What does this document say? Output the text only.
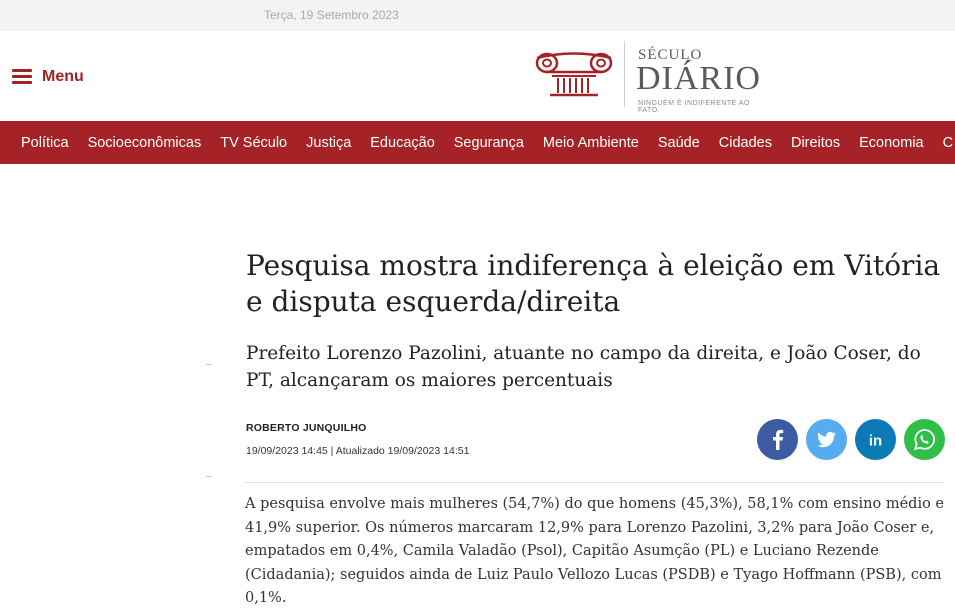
Terça, 19 Setembro 2023
Menu
SÉCULO
DIÁRIO
NINGUÉM É INDIFERENTE AO FATO.
Política Socioeconômicas TV Século Justiça Educação Segurança Meio Ambiente Saúde Cidades Direitos Economia C
Pesquisa mostra indiferença à eleição em Vitória e disputa esquerda/direita

Prefeito Lorenzo Pazolini, atuante no campo da direita, e João Coser, do PT, alcançaram os maiores percentuais

ROBERTO JUNQUILHO
19/09/2023 14:45 | Atualizado 19/09/2023 14:51
in

A pesquisa envolve mais mulheres (54,7%) do que homens (45,3%), 58,1% com ensino médio e 41,9% superior. Os números marcaram 12,9% para Lorenzo Pazolini, 3,2% para João Coser e, empatados em 0,4%, Camila Valadão (Psol), Capitão Asumção (PL) e Luciano Rezende (Cidadania); seguidos ainda de Luiz Paulo Vellozo Lucas (PSDB) e Tyago Hoffmann (PSB), com 0,1%.
